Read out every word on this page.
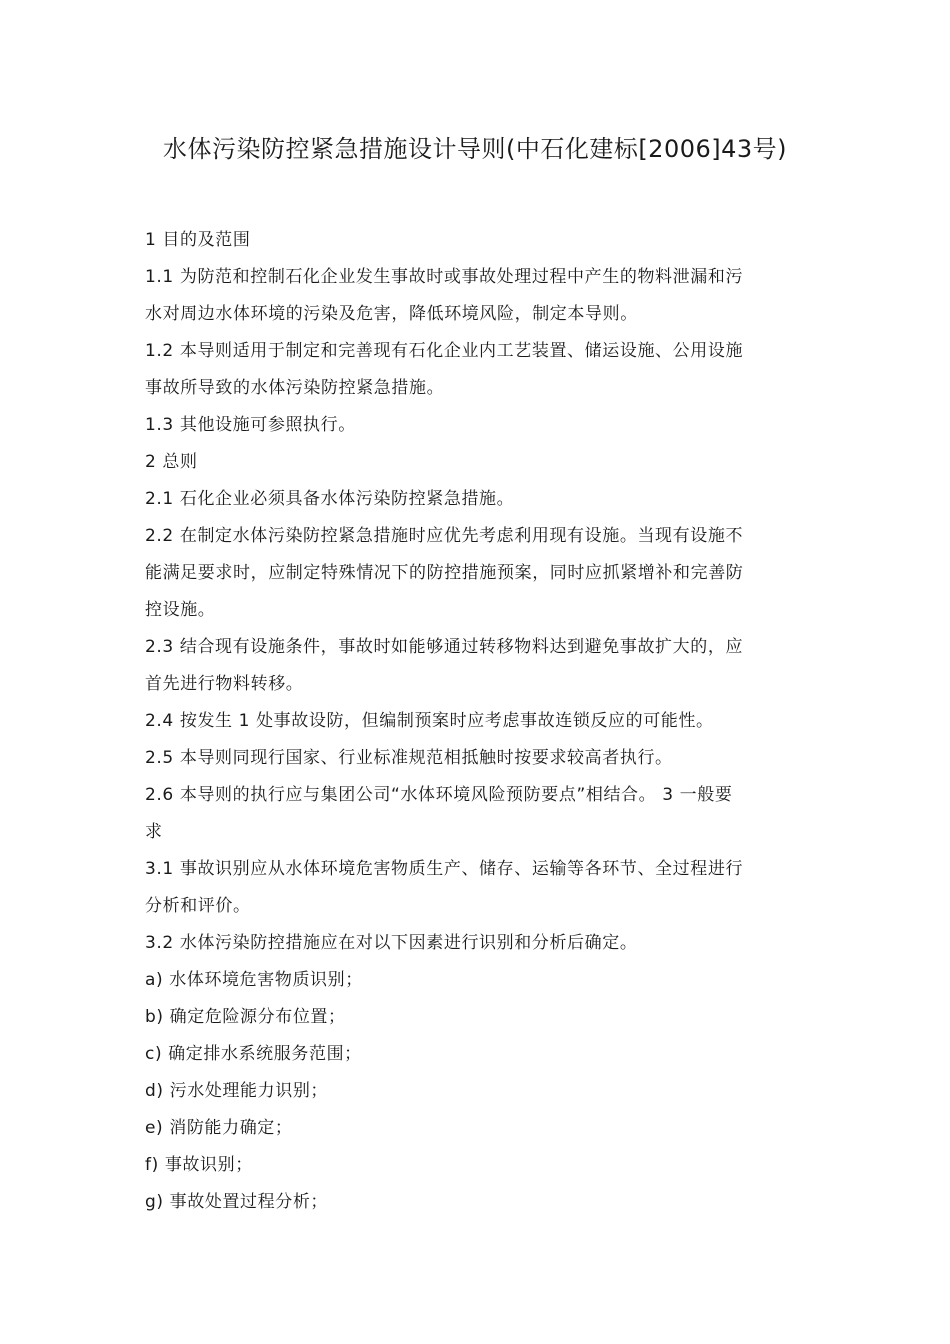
水体污染防控紧急措施设计导则(中石化建标[2006]43号)
1 目的及范围
1.1 为防范和控制石化企业发生事故时或事故处理过程中产生的物料泄漏和污
水对周边水体环境的污染及危害，降低环境风险，制定本导则。
1.2 本导则适用于制定和完善现有石化企业内工艺装置、储运设施、公用设施
事故所导致的水体污染防控紧急措施。
1.3 其他设施可参照执行。
2 总则
2.1 石化企业必须具备水体污染防控紧急措施。
2.2 在制定水体污染防控紧急措施时应优先考虑利用现有设施。当现有设施不
能满足要求时，应制定特殊情况下的防控措施预案，同时应抓紧增补和完善防
控设施。
2.3 结合现有设施条件，事故时如能够通过转移物料达到避免事故扩大的，应
首先进行物料转移。
2.4 按发生 1 处事故设防，但编制预案时应考虑事故连锁反应的可能性。
2.5 本导则同现行国家、行业标准规范相抵触时按要求较高者执行。
2.6 本导则的执行应与集团公司“水体环境风险预防要点”相结合。 3 一般要
求
3.1 事故识别应从水体环境危害物质生产、储存、运输等各环节、全过程进行
分析和评价。
3.2 水体污染防控措施应在对以下因素进行识别和分析后确定。
a) 水体环境危害物质识别；
b) 确定危险源分布位置；
c) 确定排水系统服务范围；
d) 污水处理能力识别；
e) 消防能力确定；
f) 事故识别；
g) 事故处置过程分析；
